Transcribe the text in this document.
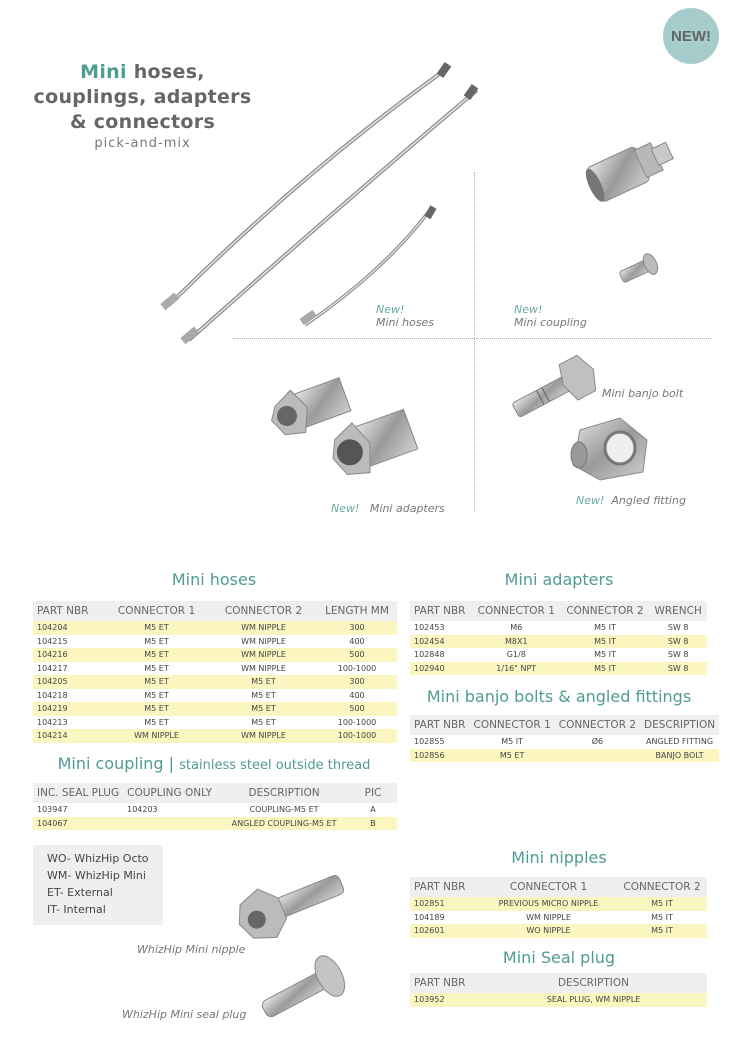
NEW!
Mini hoses,
couplings, adapters
& connectors
pick-and-mix
New!
Mini hoses
New!
Mini coupling
New! Mini adapters
Mini banjo bolt
New! Angled fitting
Mini hoses
PART NBR	CONNECTOR 1	CONNECTOR 2	LENGTH MM
104204	M5 ET	WM NIPPLE	300
104215	M5 ET	WM NIPPLE	400
104216	M5 ET	WM NIPPLE	500
104217	M5 ET	WM NIPPLE	100-1000
104205	M5 ET	M5 ET	300
104218	M5 ET	M5 ET	400
104219	M5 ET	M5 ET	500
104213	M5 ET	M5 ET	100-1000
104214	WM NIPPLE	WM NIPPLE	100-1000
Mini coupling | stainless steel outside thread
INC. SEAL PLUG	COUPLING ONLY	DESCRIPTION	PIC
103947	104203	COUPLING-M5 ET	A
104067		ANGLED COUPLING-M5 ET	B
Mini adapters
PART NBR	CONNECTOR 1	CONNECTOR 2	WRENCH
102453	M6	M5 IT	SW 8
102454	M8X1	M5 IT	SW 8
102848	G1/8	M5 IT	SW 8
102940	1/16" NPT	M5 IT	SW 8
Mini banjo bolts & angled fittings
PART NBR	CONNECTOR 1	CONNECTOR 2	DESCRIPTION
102855	M5 IT	Ø6	ANGLED FITTING
102856	M5 ET		BANJO BOLT
WO- WhizHip Octo
WM- WhizHip Mini
ET- External
IT- Internal
WhizHip Mini nipple
WhizHip Mini seal plug
Mini nipples
PART NBR	CONNECTOR 1	CONNECTOR 2
102851	PREVIOUS MICRO NIPPLE	M5 IT
104189	WM NIPPLE	M5 IT
102601	WO NIPPLE	M5 IT
Mini Seal plug
PART NBR	DESCRIPTION
103952	SEAL PLUG, WM NIPPLE
